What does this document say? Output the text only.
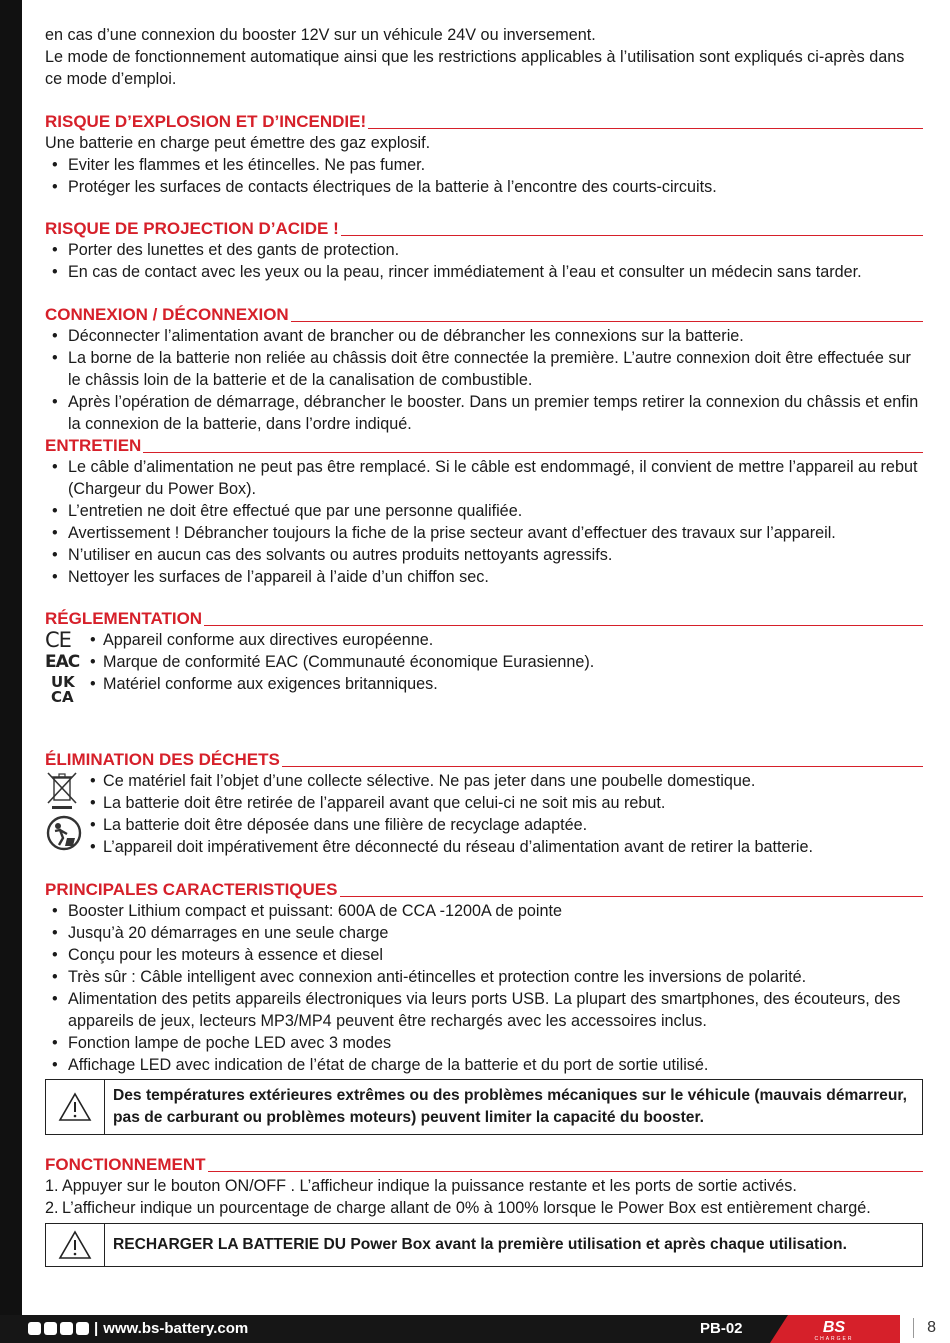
en cas d’une connexion du booster 12V sur un véhicule 24V ou inversement.

Le mode de fonctionnement automatique ainsi que les restrictions applicables à l’utilisation sont expliqués ci-après dans ce mode d’emploi.

RISQUE D’EXPLOSION ET D’INCENDIE!

Une batterie en charge peut émettre des gaz explosif.

• Eviter les flammes et les étincelles. Ne pas fumer.
• Protéger les surfaces de contacts électriques de la batterie à l’encontre des courts-circuits.
RISQUE DE PROJECTION D’ACIDE !
• Porter des lunettes et des gants de protection.
• En cas de contact avec les yeux ou la peau, rincer immédiatement à l’eau et consulter un médecin sans tarder.
CONNEXION / DÉCONNEXION
• Déconnecter l’alimentation avant de brancher ou de débrancher les connexions sur la batterie.
• La borne de la batterie non reliée au châssis doit être connectée la première. L’autre connexion doit être effectuée sur le châssis loin de la batterie et de la canalisation de combustible.
• Après l’opération de démarrage, débrancher le booster. Dans un premier temps retirer la connexion du châssis et enfin la connexion de la batterie, dans l’ordre indiqué.
ENTRETIEN
• Le câble d’alimentation ne peut pas être remplacé. Si le câble est endommagé, il convient de mettre l’appareil au rebut (Chargeur du Power Box).
• L’entretien ne doit être effectué que par une personne qualifiée.
• Avertissement ! Débrancher toujours la fiche de la prise secteur avant d’effectuer des travaux sur l’appareil.
• N’utiliser en aucun cas des solvants ou autres produits nettoyants agressifs.
• Nettoyer les surfaces de l’appareil à l’aide d’un chiffon sec.
RÉGLEMENTATION
CE
EAC
UK
CA
• Appareil conforme aux directives européenne.
• Marque de conformité EAC (Communauté économique Eurasienne).
• Matériel conforme aux exigences britanniques.
ÉLIMINATION DES DÉCHETS
• Ce matériel fait l’objet d’une collecte sélective. Ne pas jeter dans une poubelle domestique.
• La batterie doit être retirée de l’appareil avant que celui-ci ne soit mis au rebut.
• La batterie doit être déposée dans une filière de recyclage adaptée.
• L’appareil doit impérativement être déconnecté du réseau d’alimentation avant de retirer la batterie.
PRINCIPALES CARACTERISTIQUES
• Booster Lithium compact et puissant: 600A de CCA -1200A de pointe
• Jusqu’à 20 démarrages en une seule charge
• Conçu pour les moteurs à essence et diesel
• Très sûr : Câble intelligent avec connexion anti-étincelles et protection contre les inversions de polarité.
• Alimentation des petits appareils électroniques via leurs ports USB. La plupart des smartphones, des écouteurs, des appareils de jeux, lecteurs MP3/MP4 peuvent être rechargés avec les accessoires inclus.
• Fonction lampe de poche LED avec 3 modes
• Affichage LED avec indication de l’état de charge de la batterie et du port de sortie utilisé.
Des températures extérieures extrêmes ou des problèmes mécaniques sur le véhicule (mauvais démarreur, pas de carburant ou problèmes moteurs) peuvent limiter la capacité du booster.
FONCTIONNEMENT
1. Appuyer sur le bouton ON/OFF . L’afficheur indique la puissance restante et les ports de sortie activés.
2. L’afficheur indique un pourcentage de charge allant de 0% à 100% lorsque le Power Box est entièrement chargé.
RECHARGER LA BATTERIE DU Power Box avant la première utilisation et après chaque utilisation.
| www.bs-battery.com	PB-02	BS
CHARGER
8
